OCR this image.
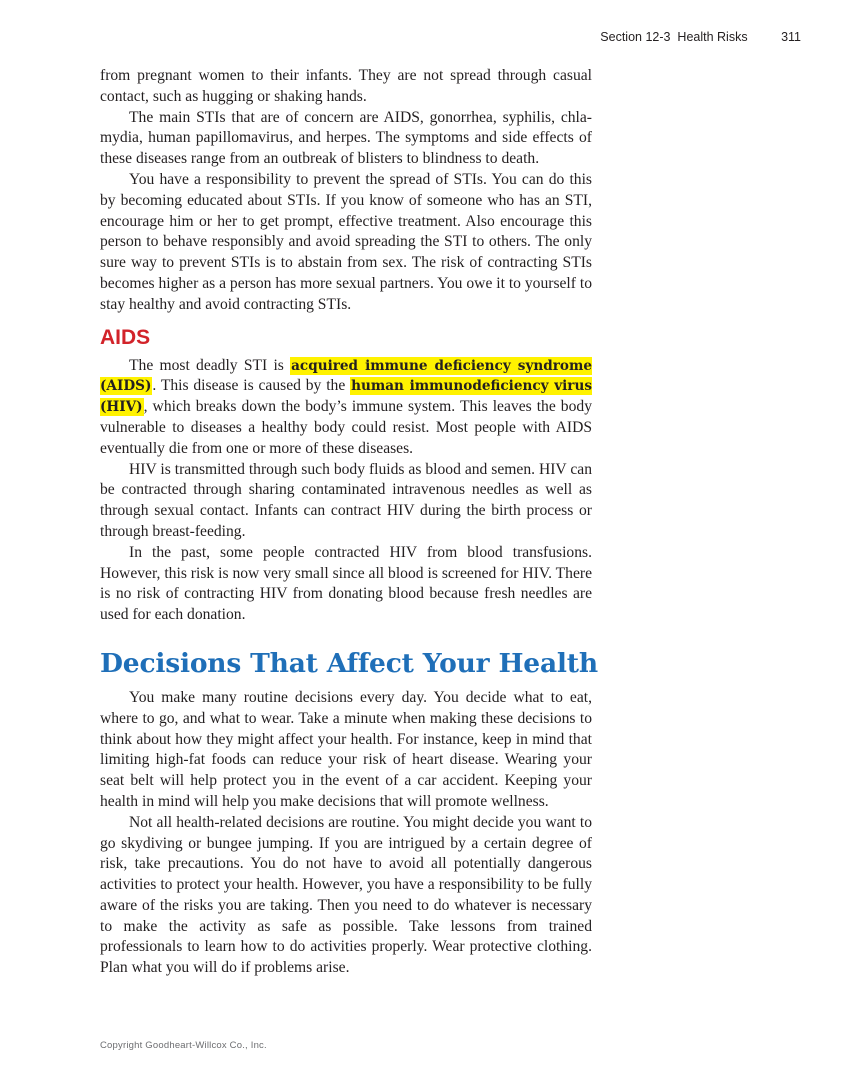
Section 12-3  Health Risks	311

from pregnant women to their infants. They are not spread through casual contact, such as hugging or shaking hands.

The main STIs that are of concern are AIDS, gonorrhea, syphilis, chla-mydia, human papillomavirus, and herpes. The symptoms and side effects of these diseases range from an outbreak of blisters to blindness to death.

You have a responsibility to prevent the spread of STIs. You can do this by becoming educated about STIs. If you know of someone who has an STI, encourage him or her to get prompt, effective treatment. Also encourage this person to behave responsibly and avoid spreading the STI to others. The only sure way to prevent STIs is to abstain from sex. The risk of contracting STIs becomes higher as a person has more sexual partners. You owe it to yourself to stay healthy and avoid contracting STIs.

AIDS

The most deadly STI is acquired immune deficiency syndrome (AIDS). This disease is caused by the human immunodeficiency virus (HIV), which breaks down the body’s immune system. This leaves the body vulnerable to diseases a healthy body could resist. Most people with AIDS eventually die from one or more of these diseases.

HIV is transmitted through such body fluids as blood and semen. HIV can be contracted through sharing contaminated intravenous needles as well as through sexual contact. Infants can contract HIV during the birth process or through breast-feeding.

In the past, some people contracted HIV from blood transfusions. However, this risk is now very small since all blood is screened for HIV. There is no risk of contracting HIV from donating blood because fresh needles are used for each donation.

Decisions That Affect Your Health

You make many routine decisions every day. You decide what to eat, where to go, and what to wear. Take a minute when making these decisions to think about how they might affect your health. For instance, keep in mind that limiting high-fat foods can reduce your risk of heart disease. Wearing your seat belt will help protect you in the event of a car accident. Keeping your health in mind will help you make decisions that will promote wellness.

Not all health-related decisions are routine. You might decide you want to go skydiving or bungee jumping. If you are intrigued by a certain degree of risk, take precautions. You do not have to avoid all potentially dangerous activities to protect your health. However, you have a responsibility to be fully aware of the risks you are taking. Then you need to do whatever is necessary to make the activity as safe as possible. Take lessons from trained professionals to learn how to do activities properly. Wear protective clothing. Plan what you will do if problems arise.

Copyright Goodheart-Willcox Co., Inc.
